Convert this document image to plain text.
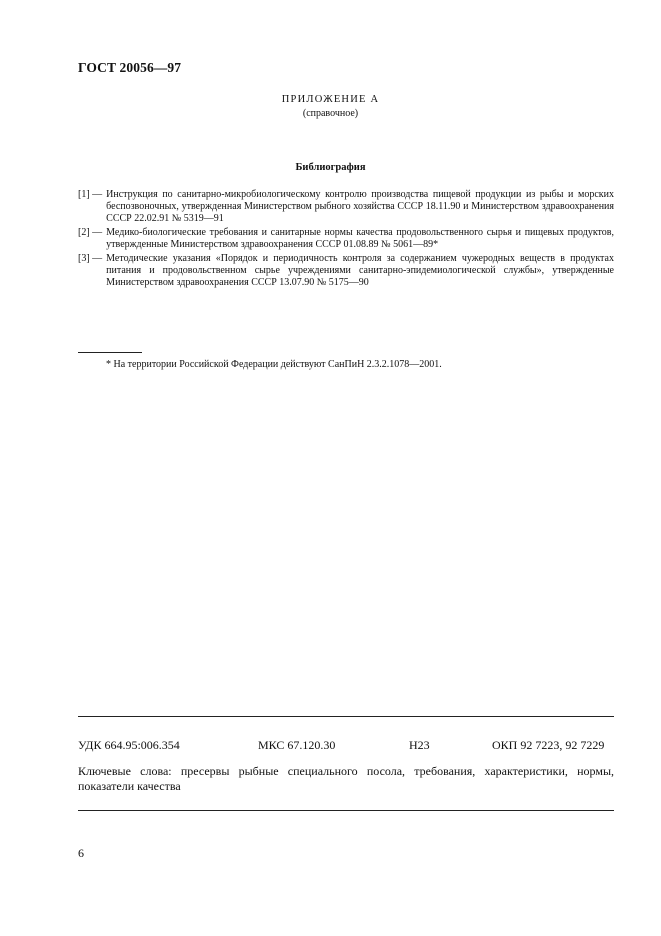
ГОСТ 20056—97
ПРИЛОЖЕНИЕ А
(справочное)
Библиография
[1] — Инструкция по санитарно-микробиологическому контролю производства пищевой продукции из рыбы и морских беспозвоночных, утвержденная Министерством рыбного хозяйства СССР 18.11.90 и Министерством здравоохранения СССР 22.02.91 № 5319—91
[2] — Медико-биологические требования и санитарные нормы качества продовольственного сырья и пищевых продуктов, утвержденные Министерством здравоохранения СССР 01.08.89 № 5061—89*
[3] — Методические указания «Порядок и периодичность контроля за содержанием чужеродных веществ в продуктах питания и продовольственном сырье учреждениями санитарно-эпидемиологической службы», утвержденные Министерством здравоохранения СССР 13.07.90 № 5175—90
* На территории Российской Федерации действуют СанПиН 2.3.2.1078—2001.
УДК 664.95:006.354	МКС 67.120.30	Н23	ОКП 92 7223, 92 7229
Ключевые слова: пресервы рыбные специального посола, требования, характеристики, нормы, показатели качества
6
